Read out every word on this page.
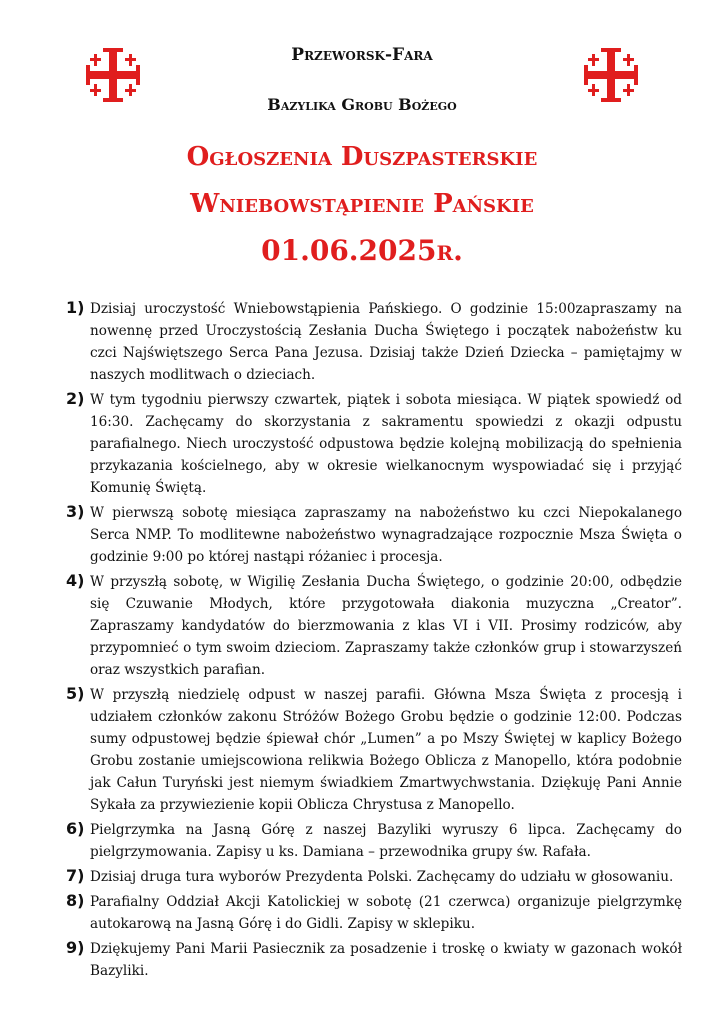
Przeworsk-Fara
Bazylika Grobu Bożego
Ogłoszenia Duszpasterskie
Wniebowstąpienie Pańskie
01.06.2025r.
1) Dzisiaj uroczystość Wniebowstąpienia Pańskiego. O godzinie 15:00zapraszamy na nowennę przed Uroczystością Zesłania Ducha Świętego i początek nabożeństw ku czci Najświętszego Serca Pana Jezusa. Dzisiaj także Dzień Dziecka – pamiętajmy w naszych modlitwach o dzieciach.
2) W tym tygodniu pierwszy czwartek, piątek i sobota miesiąca. W piątek spowiedź od 16:30. Zachęcamy do skorzystania z sakramentu spowiedzi z okazji odpustu parafialnego. Niech uroczystość odpustowa będzie kolejną mobilizacją do spełnienia przykazania kościelnego, aby w okresie wielkanocnym wyspowiadać się i przyjąć Komunię Świętą.
3) W pierwszą sobotę miesiąca zapraszamy na nabożeństwo ku czci Niepokalanego Serca NMP. To modlitewne nabożeństwo wynagradzające rozpocznie Msza Święta o godzinie 9:00 po której nastąpi różaniec i procesja.
4) W przyszłą sobotę, w Wigilię Zesłania Ducha Świętego, o godzinie 20:00, odbędzie się Czuwanie Młodych, które przygotowała diakonia muzyczna „Creator”. Zapraszamy kandydatów do bierzmowania z klas VI i VII. Prosimy rodziców, aby przypomnieć o tym swoim dzieciom. Zapraszamy także członków grup i stowarzyszeń oraz wszystkich parafian.
5) W przyszłą niedzielę odpust w naszej parafii. Główna Msza Święta z procesją i udziałem członków zakonu Stróżów Bożego Grobu będzie o godzinie 12:00. Podczas sumy odpustowej będzie śpiewał chór „Lumen” a po Mszy Świętej w kaplicy Bożego Grobu zostanie umiejscowiona relikwia Bożego Oblicza z Manopello, która podobnie jak Całun Turyński jest niemym świadkiem Zmartwychwstania. Dziękuję Pani Annie Sykała za przywiezienie kopii Oblicza Chrystusa z Manopello.
6) Pielgrzymka na Jasną Górę z naszej Bazyliki wyruszy 6 lipca. Zachęcamy do pielgrzymowania. Zapisy u ks. Damiana – przewodnika grupy św. Rafała.
7) Dzisiaj druga tura wyborów Prezydenta Polski. Zachęcamy do udziału w głosowaniu.
8) Parafialny Oddział Akcji Katolickiej w sobotę (21 czerwca) organizuje pielgrzymkę autokarową na Jasną Górę i do Gidli. Zapisy w sklepiku.
9) Dziękujemy Pani Marii Pasiecznik za posadzenie i troskę o kwiaty w gazonach wokół Bazyliki.
